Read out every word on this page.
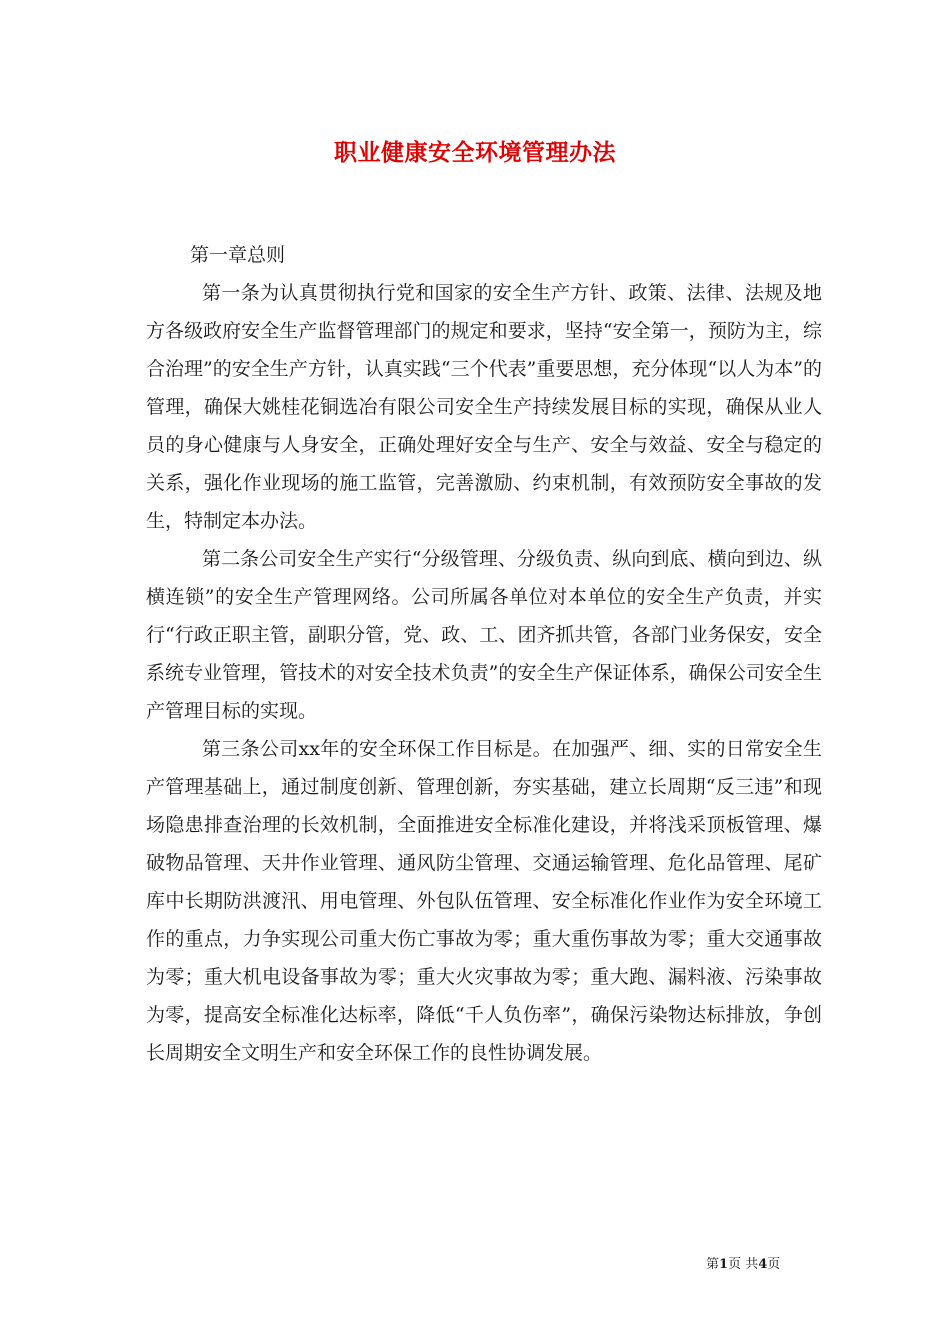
职业健康安全环境管理办法

第一章总则

第一条为认真贯彻执行党和国家的安全生产方针、政策、法律、法规及地方各级政府安全生产监督管理部门的规定和要求，坚持“安全第一，预防为主，综合治理”的安全生产方针，认真实践“三个代表”重要思想，充分体现“以人为本”的管理，确保大姚桂花铜选冶有限公司安全生产持续发展目标的实现，确保从业人员的身心健康与人身安全，正确处理好安全与生产、安全与效益、安全与稳定的关系，强化作业现场的施工监管，完善激励、约束机制，有效预防安全事故的发生，特制定本办法。

第二条公司安全生产实行“分级管理、分级负责、纵向到底、横向到边、纵横连锁”的安全生产管理网络。公司所属各单位对本单位的安全生产负责，并实行“行政正职主管，副职分管，党、政、工、团齐抓共管，各部门业务保安，安全系统专业管理，管技术的对安全技术负责”的安全生产保证体系，确保公司安全生产管理目标的实现。

第三条公司xx年的安全环保工作目标是。在加强严、细、实的日常安全生产管理基础上，通过制度创新、管理创新，夯实基础，建立长周期“反三违”和现场隐患排查治理的长效机制，全面推进安全标准化建设，并将浅采顶板管理、爆破物品管理、天井作业管理、通风防尘管理、交通运输管理、危化品管理、尾矿库中长期防洪渡汛、用电管理、外包队伍管理、安全标准化作业作为安全环境工作的重点，力争实现公司重大伤亡事故为零；重大重伤事故为零；重大交通事故为零；重大机电设备事故为零；重大火灾事故为零；重大跑、漏料液、污染事故为零，提高安全标准化达标率，降低“千人负伤率”，确保污染物达标排放，争创长周期安全文明生产和安全环保工作的良性协调发展。

第1页 共4页
